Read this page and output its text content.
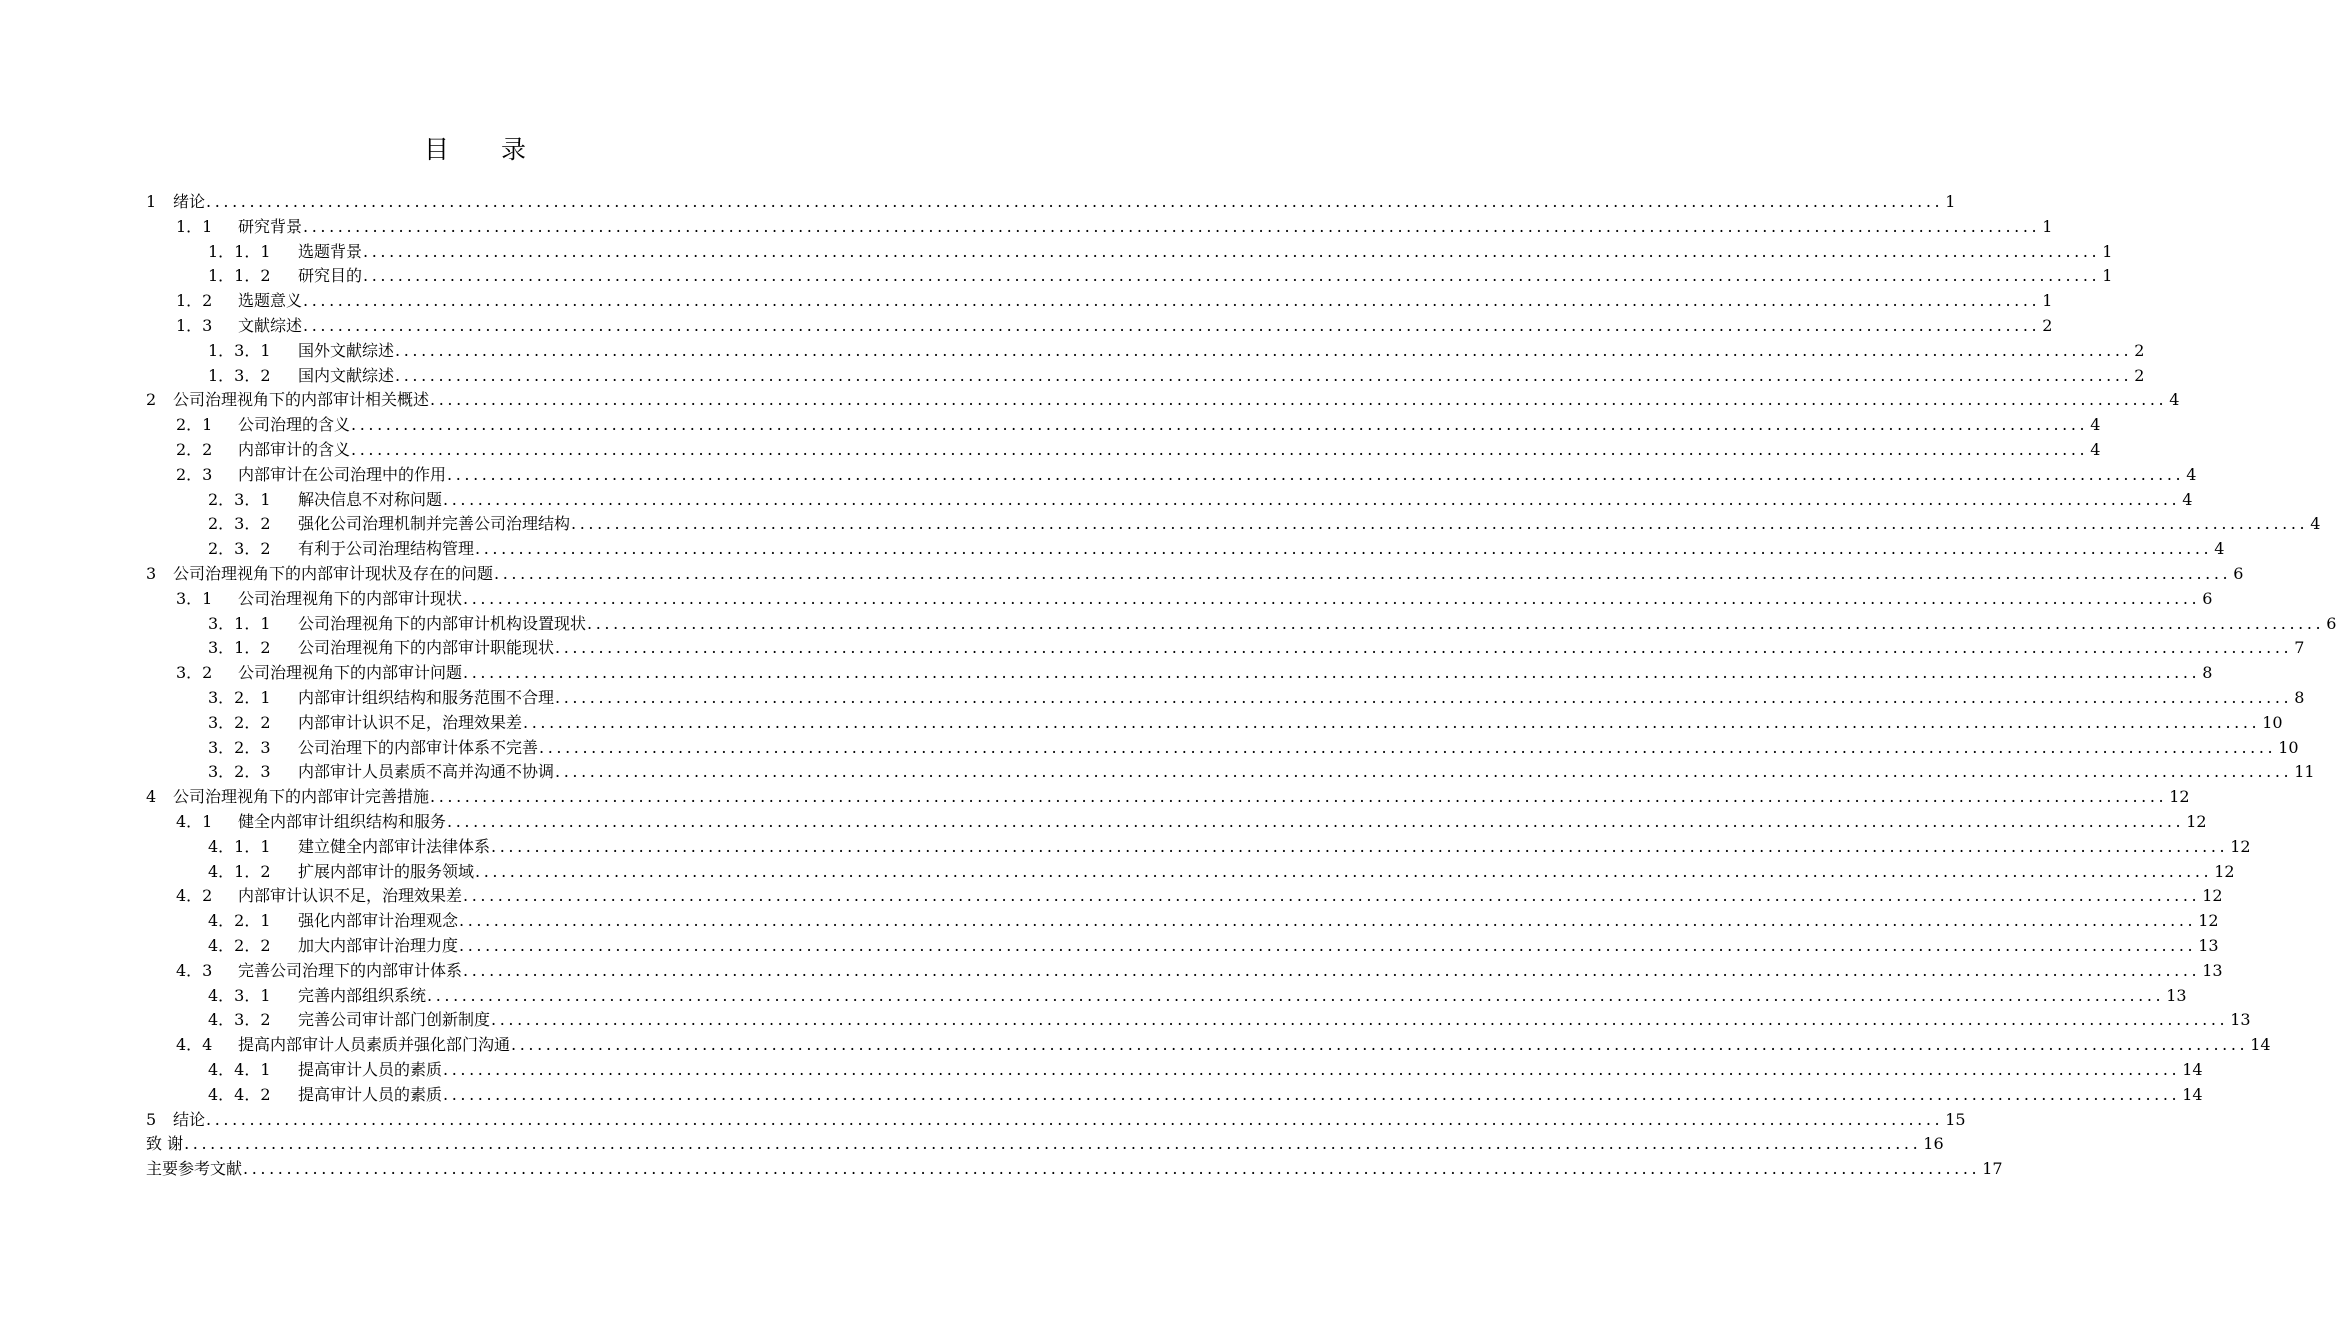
目 录
1	绪论 ........................................................................................................................................................................................................ 1
1．1	研究背景 ........................................................................................................................................................................................................ 1
1．1．1	选题背景 ........................................................................................................................................................................................................ 1
1．1．2	研究目的 ........................................................................................................................................................................................................ 1
1．2	选题意义 ........................................................................................................................................................................................................ 1
1．3	文献综述 ........................................................................................................................................................................................................ 2
1．3．1	国外文献综述 ........................................................................................................................................................................................................ 2
1．3．2	国内文献综述 ........................................................................................................................................................................................................ 2
2	公司治理视角下的内部审计相关概述 ........................................................................................................................................................................................................ 4
2．1	公司治理的含义 ........................................................................................................................................................................................................ 4
2．2	内部审计的含义 ........................................................................................................................................................................................................ 4
2．3	内部审计在公司治理中的作用 ........................................................................................................................................................................................................ 4
2．3．1	解决信息不对称问题 ........................................................................................................................................................................................................ 4
2．3．2	强化公司治理机制并完善公司治理结构 ........................................................................................................................................................................................................ 4
2．3．2	有利于公司治理结构管理 ........................................................................................................................................................................................................ 4
3	公司治理视角下的内部审计现状及存在的问题 ........................................................................................................................................................................................................ 6
3．1	公司治理视角下的内部审计现状 ........................................................................................................................................................................................................ 6
3．1．1	公司治理视角下的内部审计机构设置现状 ........................................................................................................................................................................................................ 6
3．1．2	公司治理视角下的内部审计职能现状 ........................................................................................................................................................................................................ 7
3．2	公司治理视角下的内部审计问题 ........................................................................................................................................................................................................ 8
3．2．1	内部审计组织结构和服务范围不合理 ........................................................................................................................................................................................................ 8
3．2．2	内部审计认识不足，治理效果差 ........................................................................................................................................................................................................ 10
3．2．3	公司治理下的内部审计体系不完善 ........................................................................................................................................................................................................ 10
3．2．3	内部审计人员素质不高并沟通不协调 ........................................................................................................................................................................................................ 11
4	公司治理视角下的内部审计完善措施 ........................................................................................................................................................................................................ 12
4．1	健全内部审计组织结构和服务 ........................................................................................................................................................................................................ 12
4．1．1	建立健全内部审计法律体系 ........................................................................................................................................................................................................ 12
4．1．2	扩展内部审计的服务领域 ........................................................................................................................................................................................................ 12
4．2	内部审计认识不足，治理效果差 ........................................................................................................................................................................................................ 12
4．2．1	强化内部审计治理观念 ........................................................................................................................................................................................................ 12
4．2．2	加大内部审计治理力度 ........................................................................................................................................................................................................ 13
4．3	完善公司治理下的内部审计体系 ........................................................................................................................................................................................................ 13
4．3．1	完善内部组织系统 ........................................................................................................................................................................................................ 13
4．3．2	完善公司审计部门创新制度 ........................................................................................................................................................................................................ 13
4．4	提高内部审计人员素质并强化部门沟通 ........................................................................................................................................................................................................ 14
4．4．1	提高审计人员的素质 ........................................................................................................................................................................................................ 14
4．4．2	提高审计人员的素质 ........................................................................................................................................................................................................ 14
5	结论 ........................................................................................................................................................................................................ 15
致 谢 ........................................................................................................................................................................................................ 16
主要参考文献 ........................................................................................................................................................................................................ 17
